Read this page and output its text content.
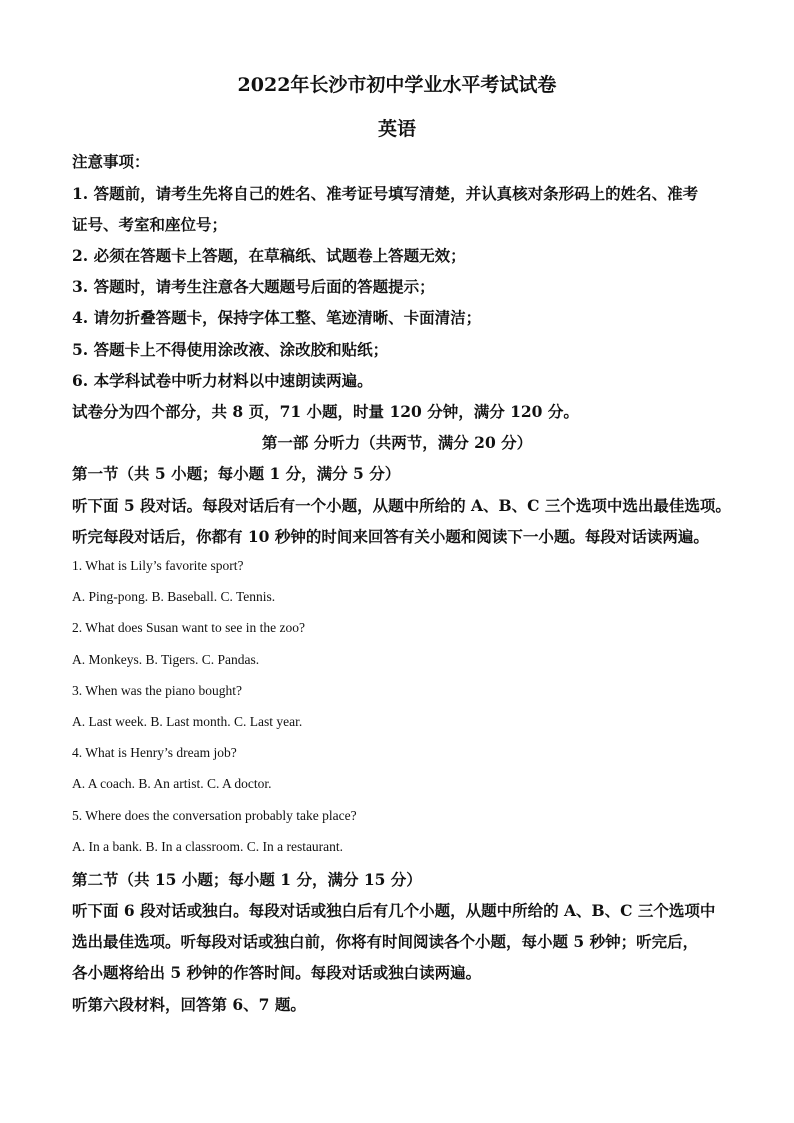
2022年长沙市初中学业水平考试试卷
英语
注意事项：
1. 答题前，请考生先将自己的姓名、准考证号填写清楚，并认真核对条形码上的姓名、准考
证号、考室和座位号；
2. 必须在答题卡上答题，在草稿纸、试题卷上答题无效；
3. 答题时，请考生注意各大题题号后面的答题提示；
4. 请勿折叠答题卡，保持字体工整、笔迹清晰、卡面清洁；
5. 答题卡上不得使用涂改液、涂改胶和贴纸；
6. 本学科试卷中听力材料以中速朗读两遍。
试卷分为四个部分，共 8 页，71 小题，时量 120 分钟，满分 120 分。
第一部 分听力（共两节，满分 20 分）
第一节（共 5 小题；每小题 1 分，满分 5 分）
听下面 5 段对话。每段对话后有一个小题，从题中所给的 A、B、C 三个选项中选出最佳选项。
听完每段对话后，你都有 10 秒钟的时间来回答有关小题和阅读下一小题。每段对话读两遍。
1. What is Lily’s favorite sport?
A. Ping-pong. B. Baseball. C. Tennis.
2. What does Susan want to see in the zoo?
A. Monkeys. B. Tigers. C. Pandas.
3. When was the piano bought?
A. Last week. B. Last month. C. Last year.
4. What is Henry’s dream job?
A. A coach. B. An artist. C. A doctor.
5. Where does the conversation probably take place?
A. In a bank. B. In a classroom. C. In a restaurant.
第二节（共 15 小题；每小题 1 分，满分 15 分）
听下面 6 段对话或独白。每段对话或独白后有几个小题，从题中所给的 A、B、C 三个选项中
选出最佳选项。听每段对话或独白前，你将有时间阅读各个小题，每小题 5 秒钟；听完后，
各小题将给出 5 秒钟的作答时间。每段对话或独白读两遍。
听第六段材料，回答第 6、7 题。
